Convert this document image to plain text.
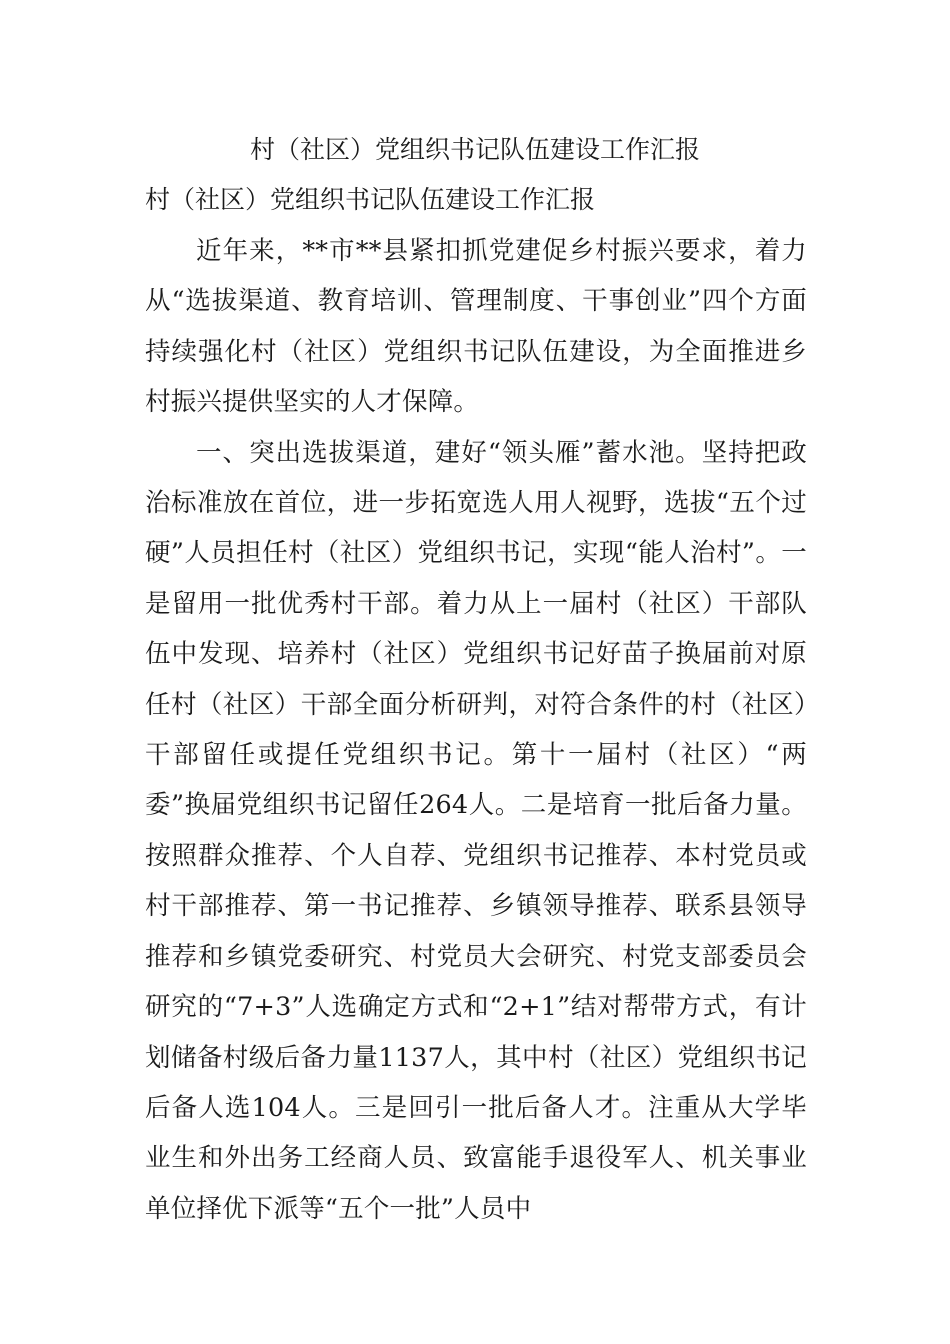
村（社区）党组织书记队伍建设工作汇报
村（社区）党组织书记队伍建设工作汇报

近年来，**市**县紧扣抓党建促乡村振兴要求，着力从“选拔渠道、教育培训、管理制度、干事创业”四个方面持续强化村（社区）党组织书记队伍建设，为全面推进乡村振兴提供坚实的人才保障。

一、突出选拔渠道，建好“领头雁”蓄水池。坚持把政治标准放在首位，进一步拓宽选人用人视野，选拔“五个过硬”人员担任村（社区）党组织书记，实现“能人治村”。一是留用一批优秀村干部。着力从上一届村（社区）干部队伍中发现、培养村（社区）党组织书记好苗子换届前对原任村（社区）干部全面分析研判，对符合条件的村（社区）干部留任或提任党组织书记。第十一届村（社区）“两委”换届党组织书记留任264人。二是培育一批后备力量。按照群众推荐、个人自荐、党组织书记推荐、本村党员或村干部推荐、第一书记推荐、乡镇领导推荐、联系县领导推荐和乡镇党委研究、村党员大会研究、村党支部委员会研究的“7+3”人选确定方式和“2+1”结对帮带方式，有计划储备村级后备力量1137人，其中村（社区）党组织书记后备人选104人。三是回引一批后备人才。注重从大学毕业生和外出务工经商人员、致富能手退役军人、机关事业单位择优下派等“五个一批”人员中
